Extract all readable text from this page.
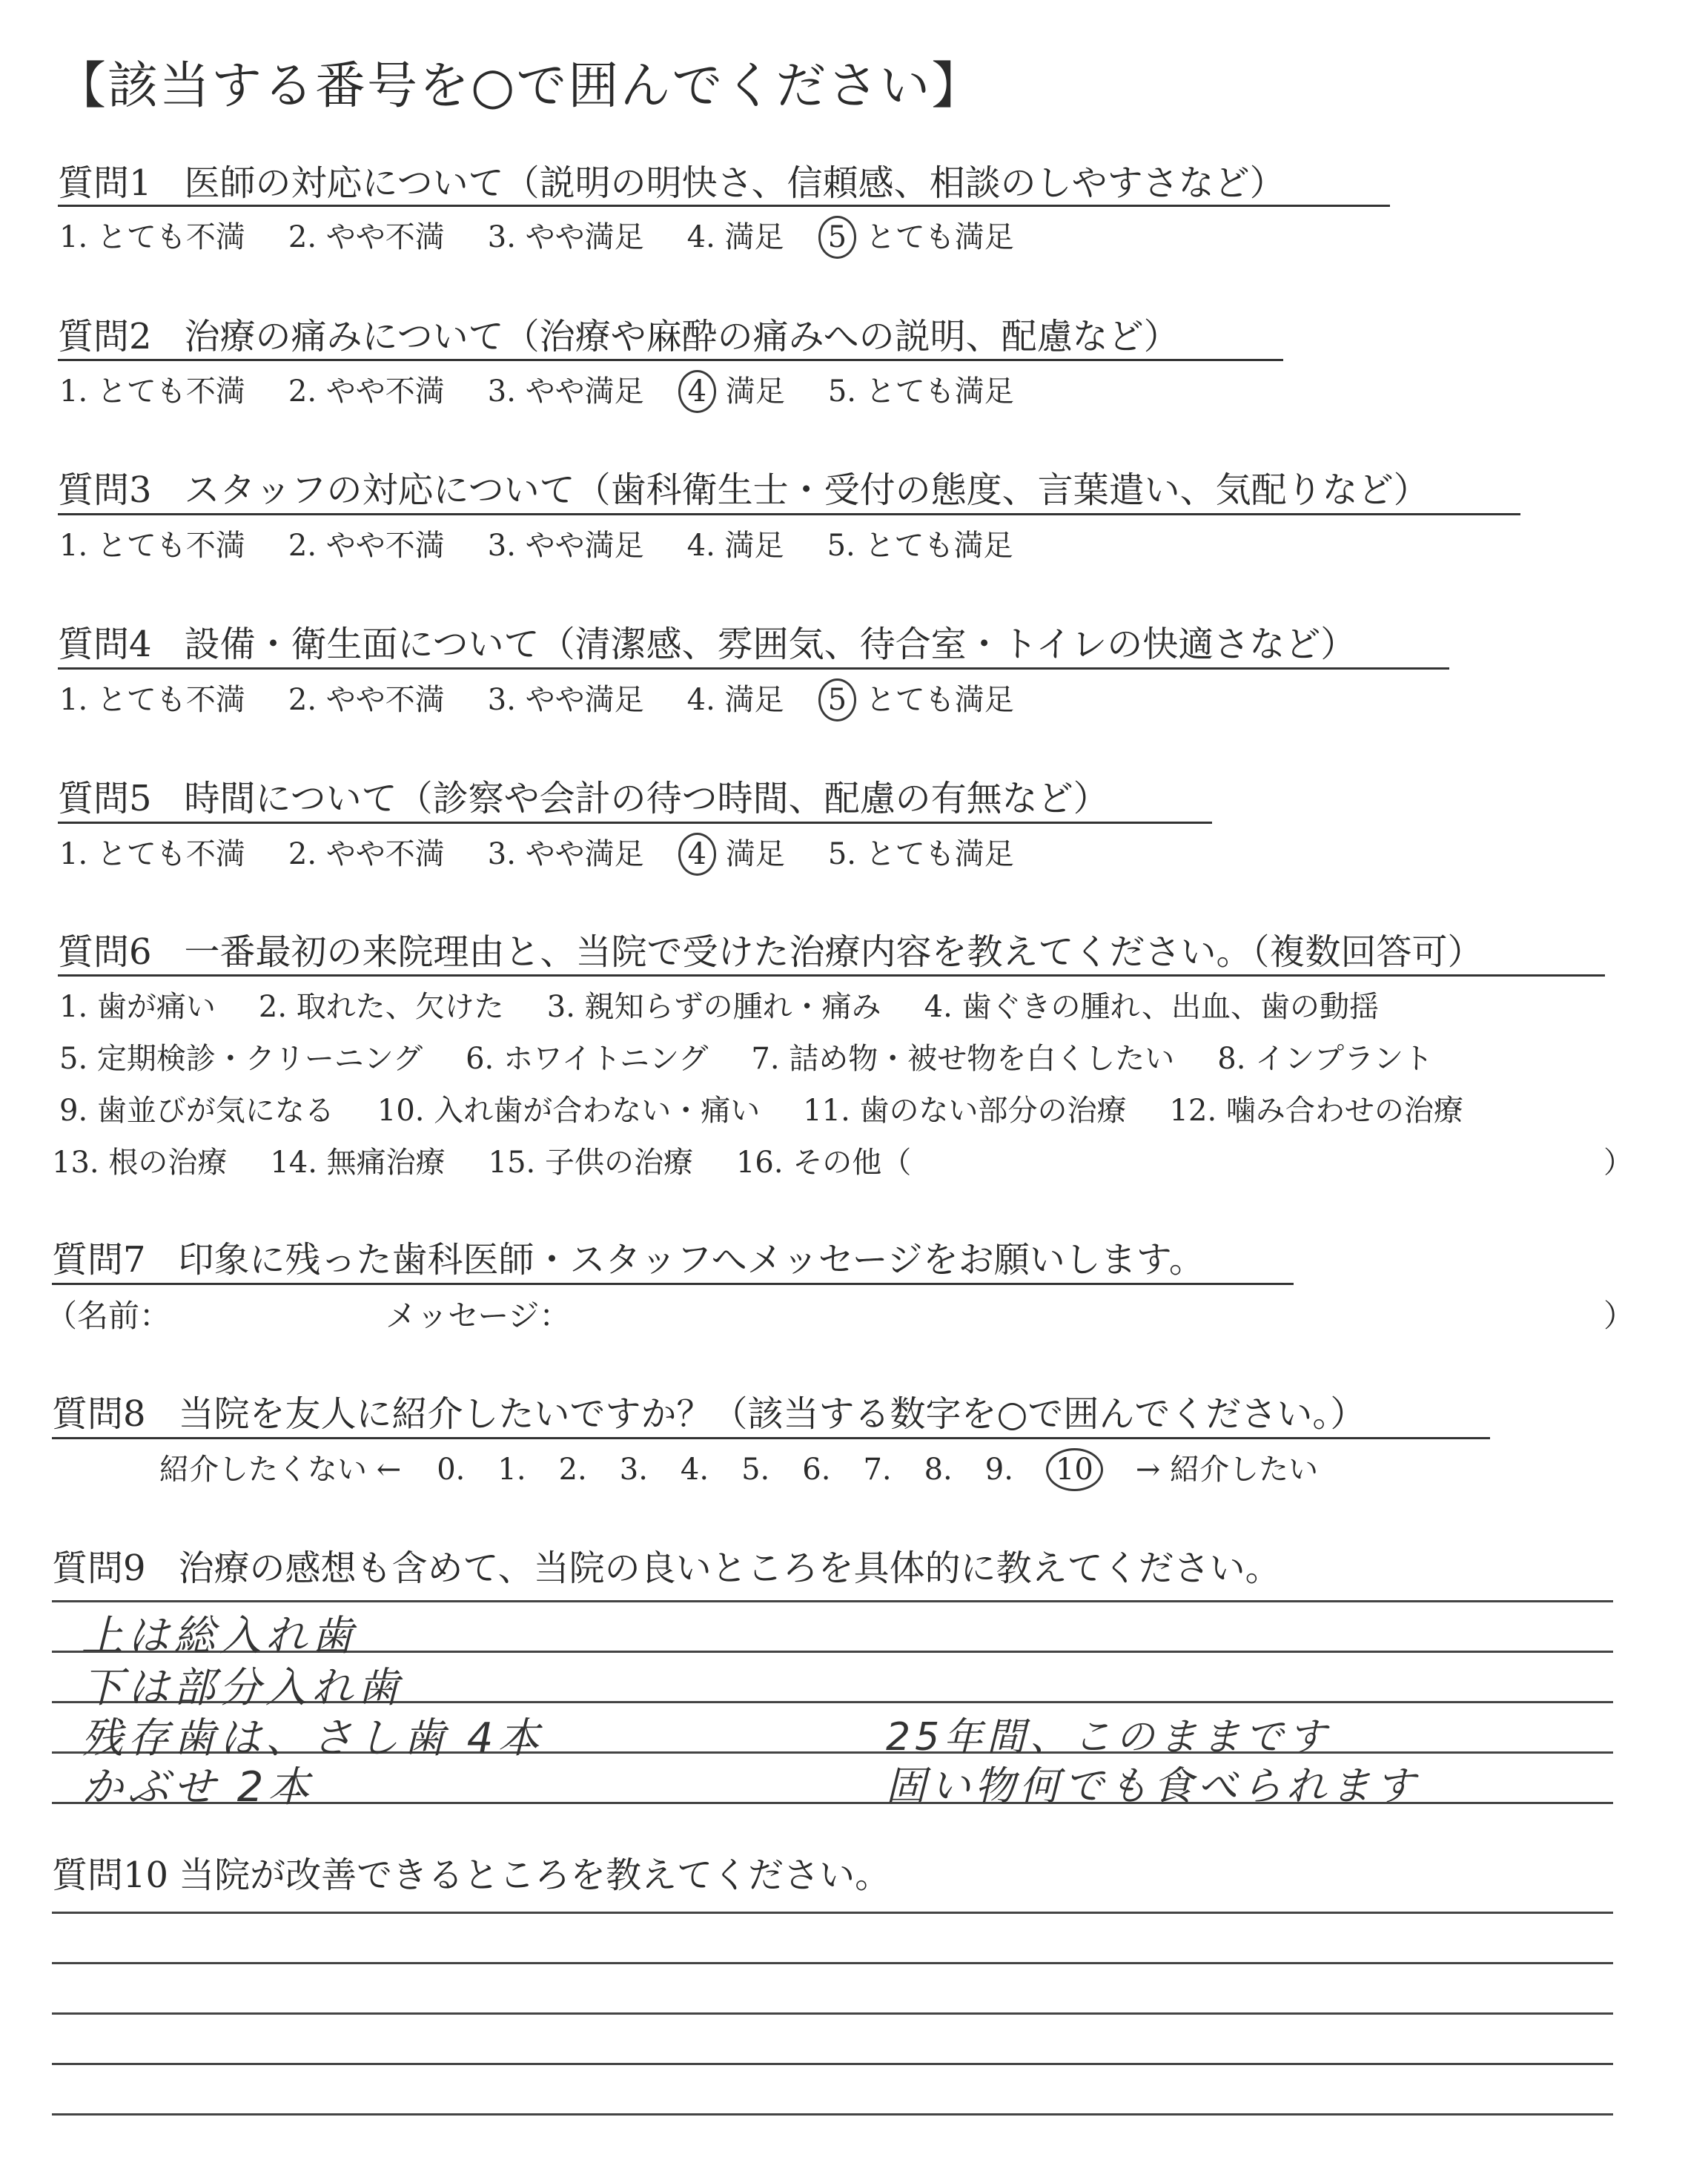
【該当する番号を○で囲んでください】
質問1 医師の対応について（説明の明快さ、信頼感、相談のしやすさなど）
1. とても不満 2. やや不満 3. やや満足 4. 満足 5 とても満足
質問2 治療の痛みについて（治療や麻酔の痛みへの説明、配慮など）
1. とても不満 2. やや不満 3. やや満足 4 満足 5. とても満足
質問3 スタッフの対応について（歯科衛生士・受付の態度、言葉遣い、気配りなど）
1. とても不満 2. やや不満 3. やや満足 4. 満足 5. とても満足
質問4 設備・衛生面について（清潔感、雰囲気、待合室・トイレの快適さなど）
1. とても不満 2. やや不満 3. やや満足 4. 満足 5 とても満足
質問5 時間について（診察や会計の待つ時間、配慮の有無など）
1. とても不満 2. やや不満 3. やや満足 4 満足 5. とても満足
質問6 一番最初の来院理由と、当院で受けた治療内容を教えてください。（複数回答可）
1. 歯が痛い 2. 取れた、欠けた 3. 親知らずの腫れ・痛み 4. 歯ぐきの腫れ、出血、歯の動揺
5. 定期検診・クリーニング 6. ホワイトニング 7. 詰め物・被せ物を白くしたい 8. インプラント
9. 歯並びが気になる 10. 入れ歯が合わない・痛い 11. 歯のない部分の治療 12. 噛み合わせの治療
13. 根の治療 14. 無痛治療 15. 子供の治療 16. その他（	）
質問7 印象に残った歯科医師・スタッフへメッセージをお願いします。
（名前：	メッセージ：	）
質問8 当院を友人に紹介したいですか？（該当する数字を○で囲んでください。）
紹介したくない ← 0. 1. 2. 3. 4. 5. 6. 7. 8. 9. 10 → 紹介したい
質問9 治療の感想も含めて、当院の良いところを具体的に教えてください。
上は総入れ歯
下は部分入れ歯
残存歯は、さし歯 4本
かぶせ 2本
25年間、このままです
固い物何でも食べられます
質問10 当院が改善できるところを教えてください。
